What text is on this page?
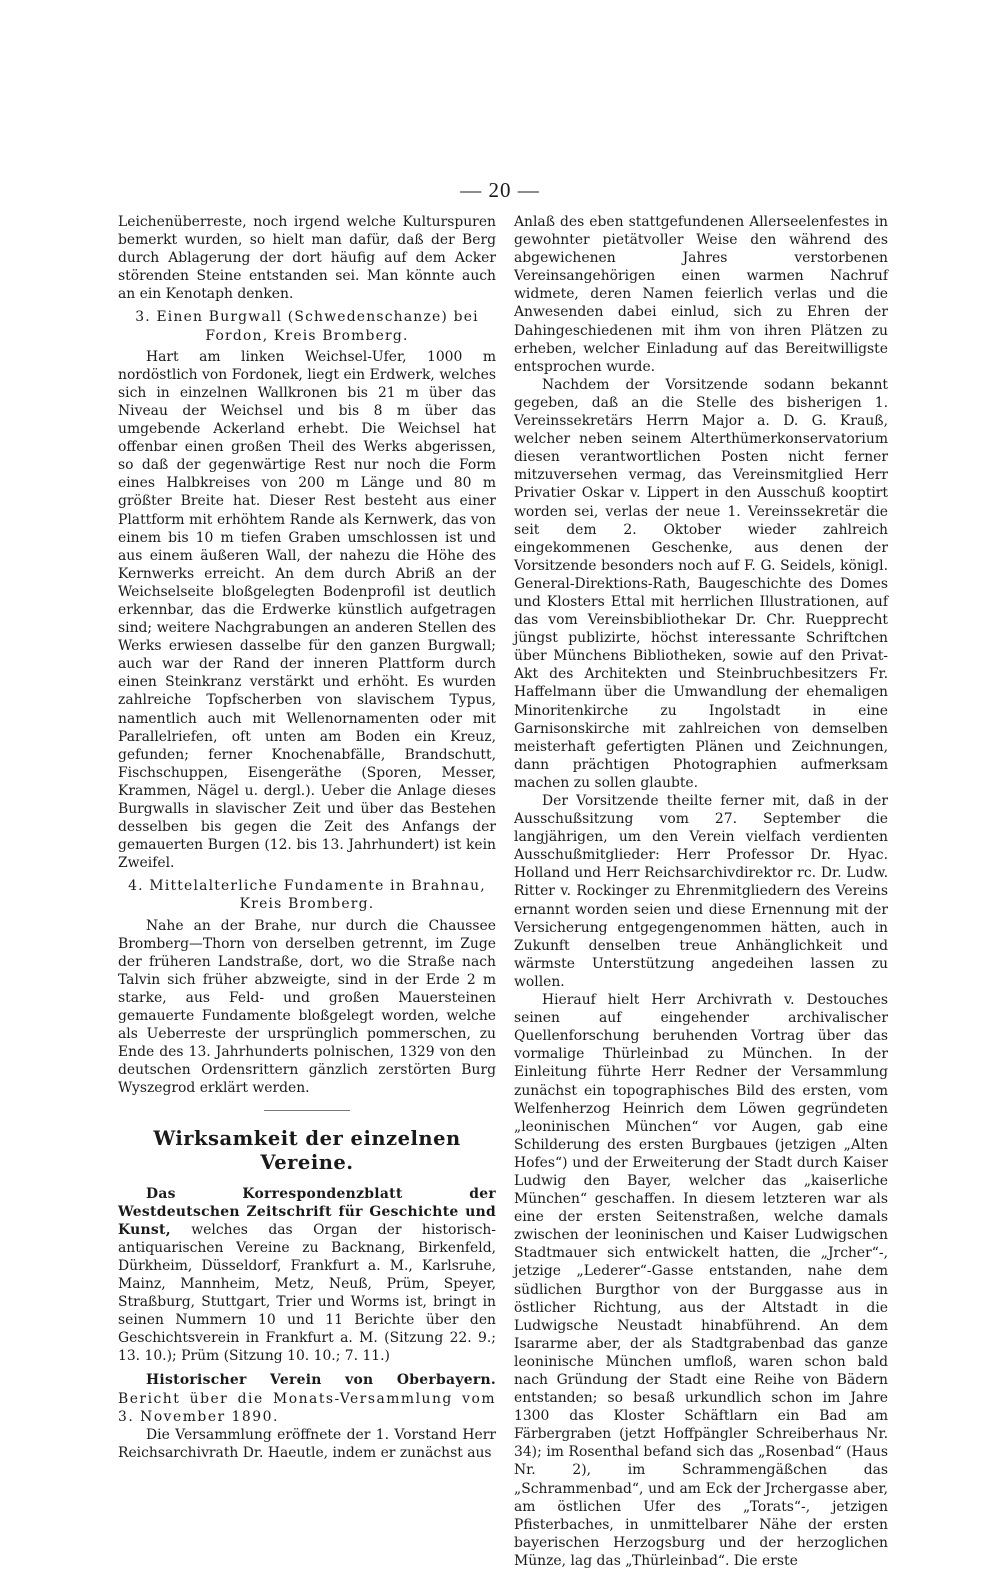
— 20 —

Leichenüberreste, noch irgend welche Kulturspuren bemerkt wurden, so hielt man dafür, daß der Berg durch Ablagerung der dort häufig auf dem Acker störenden Steine entstanden sei. Man könnte auch an ein Kenotaph denken.

3. Einen Burgwall (Schwedenschanze) bei Fordon, Kreis Bromberg.

Hart am linken Weichsel-Ufer, 1000 m nordöstlich von Fordonek, liegt ein Erdwerk, welches sich in einzelnen Wallkronen bis 21 m über das Niveau der Weichsel und bis 8 m über das umgebende Ackerland erhebt. Die Weichsel hat offenbar einen großen Theil des Werks abgerissen, so daß der gegenwärtige Rest nur noch die Form eines Halbkreises von 200 m Länge und 80 m größter Breite hat. Dieser Rest besteht aus einer Plattform mit erhöhtem Rande als Kernwerk, das von einem bis 10 m tiefen Graben umschlossen ist und aus einem äußeren Wall, der nahezu die Höhe des Kernwerks erreicht. An dem durch Abriß an der Weichselseite bloßgelegten Bodenprofil ist deutlich erkennbar, das die Erdwerke künstlich aufgetragen sind; weitere Nachgrabungen an anderen Stellen des Werks erwiesen dasselbe für den ganzen Burgwall; auch war der Rand der inneren Plattform durch einen Steinkranz verstärkt und erhöht. Es wurden zahlreiche Topfscherben von slavischem Typus, namentlich auch mit Wellenornamenten oder mit Parallelriefen, oft unten am Boden ein Kreuz, gefunden; ferner Knochenabfälle, Brandschutt, Fischschuppen, Eisengeräthe (Sporen, Messer, Krammen, Nägel u. dergl.). Ueber die Anlage dieses Burgwalls in slavischer Zeit und über das Bestehen desselben bis gegen die Zeit des Anfangs der gemauerten Burgen (12. bis 13. Jahrhundert) ist kein Zweifel.

4. Mittelalterliche Fundamente in Brahnau, Kreis Bromberg.

Nahe an der Brahe, nur durch die Chaussee Bromberg—Thorn von derselben getrennt, im Zuge der früheren Landstraße, dort, wo die Straße nach Talvin sich früher abzweigte, sind in der Erde 2 m starke, aus Feld- und großen Mauersteinen gemauerte Fundamente bloßgelegt worden, welche als Ueberreste der ursprünglich pommerschen, zu Ende des 13. Jahrhunderts polnischen, 1329 von den deutschen Ordensrittern gänzlich zerstörten Burg Wyszegrod erklärt werden.

Wirksamkeit der einzelnen Vereine.

Das Korrespondenzblatt der Westdeutschen Zeitschrift für Geschichte und Kunst, welches das Organ der historisch-antiquarischen Vereine zu Backnang, Birkenfeld, Dürkheim, Düsseldorf, Frankfurt a. M., Karlsruhe, Mainz, Mannheim, Metz, Neuß, Prüm, Speyer, Straßburg, Stuttgart, Trier und Worms ist, bringt in seinen Nummern 10 und 11 Berichte über den Geschichtsverein in Frankfurt a. M. (Sitzung 22. 9.; 13. 10.); Prüm (Sitzung 10. 10.; 7. 11.)

Historischer Verein von Oberbayern. Bericht über die Monats-Versammlung vom 3. November 1890.

Die Versammlung eröffnete der 1. Vorstand Herr Reichsarchivrath Dr. Haeutle, indem er zunächst aus

Anlaß des eben stattgefundenen Allerseelenfestes in gewohnter pietätvoller Weise den während des abgewichenen Jahres verstorbenen Vereinsangehörigen einen warmen Nachruf widmete, deren Namen feierlich verlas und die Anwesenden dabei einlud, sich zu Ehren der Dahingeschiedenen mit ihm von ihren Plätzen zu erheben, welcher Einladung auf das Bereitwilligste entsprochen wurde.

Nachdem der Vorsitzende sodann bekannt gegeben, daß an die Stelle des bisherigen 1. Vereinssekretärs Herrn Major a. D. G. Krauß, welcher neben seinem Alterthümerkonservatorium diesen verantwortlichen Posten nicht ferner mitzuversehen vermag, das Vereinsmitglied Herr Privatier Oskar v. Lippert in den Ausschuß kooptirt worden sei, verlas der neue 1. Vereinssekretär die seit dem 2. Oktober wieder zahlreich eingekommenen Geschenke, aus denen der Vorsitzende besonders noch auf F. G. Seidels, königl. General-Direktions-Rath, Baugeschichte des Domes und Klosters Ettal mit herrlichen Illustrationen, auf das vom Vereinsbibliothekar Dr. Chr. Ruepprecht jüngst publizirte, höchst interessante Schriftchen über Münchens Bibliotheken, sowie auf den Privat-Akt des Architekten und Steinbruchbesitzers Fr. Haffelmann über die Umwandlung der ehemaligen Minoritenkirche zu Ingolstadt in eine Garnisonskirche mit zahlreichen von demselben meisterhaft gefertigten Plänen und Zeichnungen, dann prächtigen Photographien aufmerksam machen zu sollen glaubte.

Der Vorsitzende theilte ferner mit, daß in der Ausschußsitzung vom 27. September die langjährigen, um den Verein vielfach verdienten Ausschußmitglieder: Herr Professor Dr. Hyac. Holland und Herr Reichsarchivdirektor rc. Dr. Ludw. Ritter v. Rockinger zu Ehrenmitgliedern des Vereins ernannt worden seien und diese Ernennung mit der Versicherung entgegengenommen hätten, auch in Zukunft denselben treue Anhänglichkeit und wärmste Unterstützung angedeihen lassen zu wollen.

Hierauf hielt Herr Archivrath v. Destouches seinen auf eingehender archivalischer Quellenforschung beruhenden Vortrag über das vormalige Thürleinbad zu München. In der Einleitung führte Herr Redner der Versammlung zunächst ein topographisches Bild des ersten, vom Welfenherzog Heinrich dem Löwen gegründeten „leoninischen München“ vor Augen, gab eine Schilderung des ersten Burgbaues (jetzigen „Alten Hofes“) und der Erweiterung der Stadt durch Kaiser Ludwig den Bayer, welcher das „kaiserliche München“ geschaffen. In diesem letzteren war als eine der ersten Seitenstraßen, welche damals zwischen der leoninischen und Kaiser Ludwigschen Stadtmauer sich entwickelt hatten, die „Jrcher“-, jetzige „Lederer“-Gasse entstanden, nahe dem südlichen Burgthor von der Burggasse aus in östlicher Richtung, aus der Altstadt in die Ludwigsche Neustadt hinabführend. An dem Isararme aber, der als Stadtgrabenbad das ganze leoninische München umfloß, waren schon bald nach Gründung der Stadt eine Reihe von Bädern entstanden; so besaß urkundlich schon im Jahre 1300 das Kloster Schäftlarn ein Bad am Färbergraben (jetzt Hoffpängler Schreiberhaus Nr. 34); im Rosenthal befand sich das „Rosenbad“ (Haus Nr. 2), im Schrammengäßchen das „Schrammenbad“, und am Eck der Jrchergasse aber, am östlichen Ufer des „Torats“-, jetzigen Pfisterbaches, in unmittelbarer Nähe der ersten bayerischen Herzogsburg und der herzoglichen Münze, lag das „Thürleinbad“. Die erste
